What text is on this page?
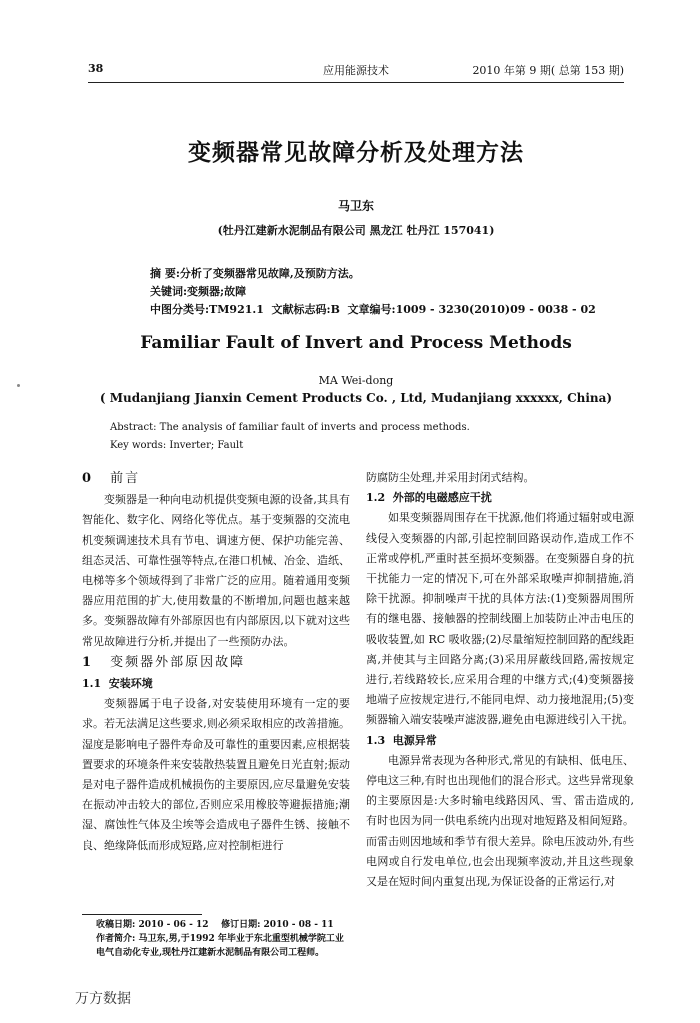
38	应用能源技术	2010 年第 9 期( 总第 153 期)
变频器常见故障分析及处理方法
马卫东
(牡丹江建新水泥制品有限公司 黑龙江 牡丹江 157041)
摘 要:分析了变频器常见故障,及预防方法。
关键词:变频器;故障
中图分类号:TM921.1  文献标志码:B  文章编号:1009 - 3230(2010)09 - 0038 - 02
Familiar Fault of Invert and Process Methods
MA Wei-dong
( Mudanjiang Jianxin Cement Products Co. , Ltd, Mudanjiang xxxxxx, China)
Abstract: The analysis of familiar fault of inverts and process methods.
Key words: Inverter; Fault
0 前言

变频器是一种向电动机提供变频电源的设备,其具有智能化、数字化、网络化等优点。基于变频器的交流电机变频调速技术具有节电、调速方便、保护功能完善、组态灵活、可靠性强等特点,在港口机械、冶金、造纸、电梯等多个领域得到了非常广泛的应用。随着通用变频器应用范围的扩大,使用数量的不断增加,问题也越来越多。变频器故障有外部原因也有内部原因,以下就对这些常见故障进行分析,并提出了一些预防办法。

1 变频器外部原因故障
1.1  安装环境

变频器属于电子设备,对安装使用环境有一定的要求。若无法满足这些要求,则必须采取相应的改善措施。湿度是影响电子器件寿命及可靠性的重要因素,应根据装置要求的环境条件来安装散热装置且避免日光直射;振动是对电子器件造成机械损伤的主要原因,应尽量避免安装在振动冲击较大的部位,否则应采用橡胶等避振措施;潮湿、腐蚀性气体及尘埃等会造成电子器件生锈、接触不良、绝缘降低而形成短路,应对控制柜进行

防腐防尘处理,并采用封闭式结构。

1.2  外部的电磁感应干扰

如果变频器周围存在干扰源,他们将通过辐射或电源线侵入变频器的内部,引起控制回路误动作,造成工作不正常或停机,严重时甚至损坏变频器。在变频器自身的抗干扰能力一定的情况下,可在外部采取噪声抑制措施,消除干扰源。抑制噪声干扰的具体方法:(1)变频器周围所有的继电器、接触器的控制线圈上加装防止冲击电压的吸收装置,如 RC 吸收器;(2)尽量缩短控制回路的配线距离,并使其与主回路分离;(3)采用屏蔽线回路,需按规定进行,若线路较长,应采用合理的中继方式;(4)变频器接地端子应按规定进行,不能同电焊、动力接地混用;(5)变频器输入端安装噪声滤波器,避免由电源进线引入干扰。

1.3  电源异常

电源异常表现为各种形式,常见的有缺相、低电压、停电这三种,有时也出现他们的混合形式。这些异常现象的主要原因是:大多时输电线路因风、雪、雷击造成的,有时也因为同一供电系统内出现对地短路及相间短路。而雷击则因地域和季节有很大差异。除电压波动外,有些电网或自行发电单位,也会出现频率波动,并且这些现象又是在短时间内重复出现,为保证设备的正常运行,对

收稿日期: 2010 - 06 - 12    修订日期: 2010 - 08 - 11
作者简介: 马卫东,男,于1992 年毕业于东北重型机械学院工业电气自动化专业,现牡丹江建新水泥制品有限公司工程师。
万方数据
